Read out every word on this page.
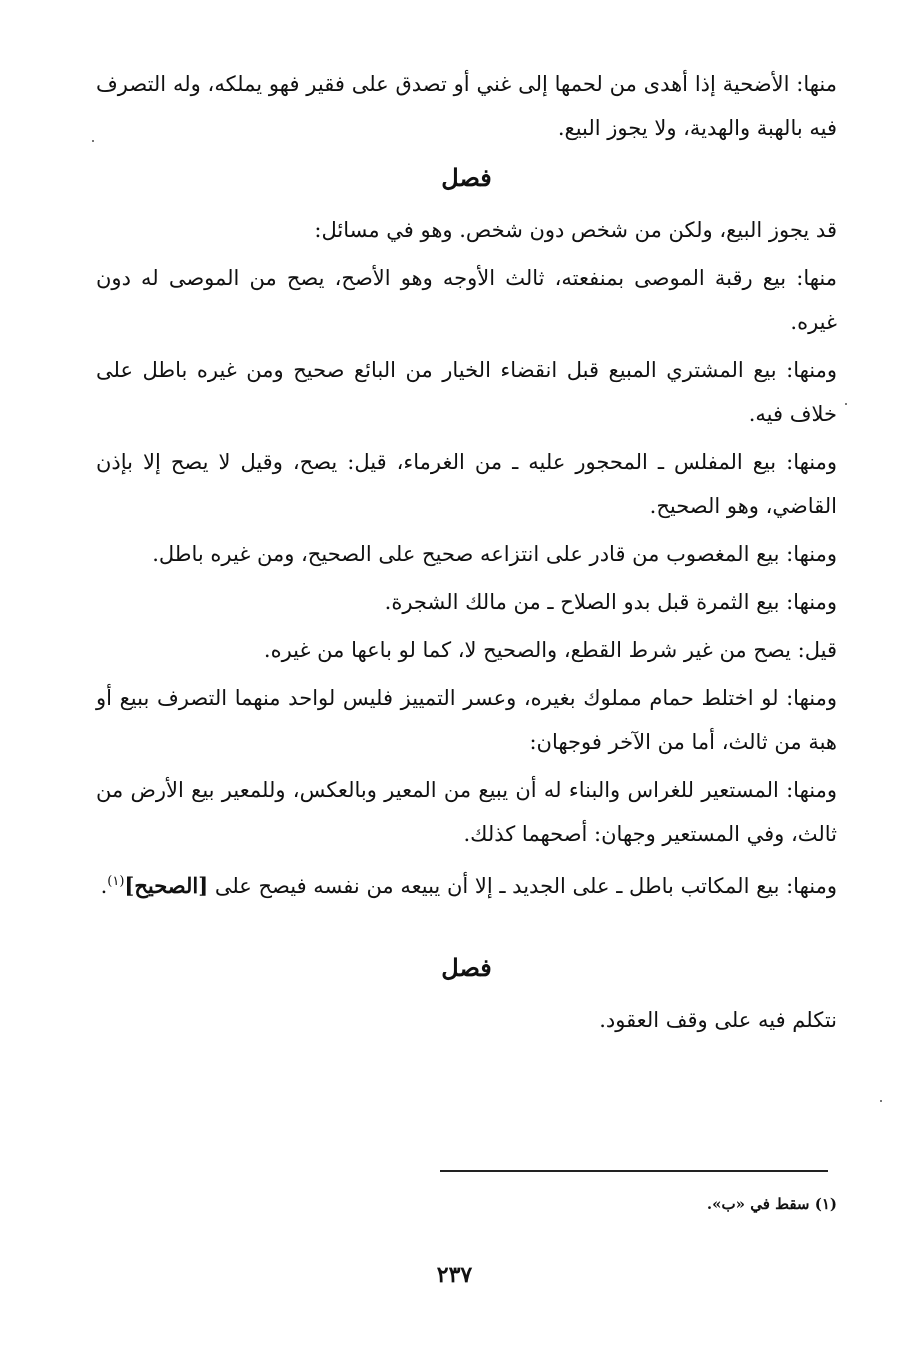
منها: الأضحية إذا أهدى من لحمها إلى غني أو تصدق على فقير فهو يملكه، وله التصرف فيه بالهبة والهدية، ولا يجوز البيع.

فصل

قد يجوز البيع، ولكن من شخص دون شخص. وهو في مسائل:

منها: بيع رقبة الموصى بمنفعته، ثالث الأوجه وهو الأصح، يصح من الموصى له دون غيره.

ومنها: بيع المشتري المبيع قبل انقضاء الخيار من البائع صحيح ومن غيره باطل على خلاف فيه.

ومنها: بيع المفلس ـ المحجور عليه ـ من الغرماء، قيل: يصح، وقيل لا يصح إلا بإذن القاضي، وهو الصحيح.

ومنها: بيع المغصوب من قادر على انتزاعه صحيح على الصحيح، ومن غيره باطل.

ومنها: بيع الثمرة قبل بدو الصلاح ـ من مالك الشجرة.

قيل: يصح من غير شرط القطع، والصحيح لا، كما لو باعها من غيره.

ومنها: لو اختلط حمام مملوك بغيره، وعسر التمييز فليس لواحد منهما التصرف ببيع أو هبة من ثالث، أما من الآخر فوجهان:

ومنها: المستعير للغراس والبناء له أن يبيع من المعير وبالعكس، وللمعير بيع الأرض من ثالث، وفي المستعير وجهان: أصحهما كذلك.

ومنها: بيع المكاتب باطل ـ على الجديد ـ إلا أن يبيعه من نفسه فيصح على [الصحيح]$^{(١)}$.

فصل

نتكلم فيه على وقف العقود.

(١) سقط في «ب».
٢٣٧
